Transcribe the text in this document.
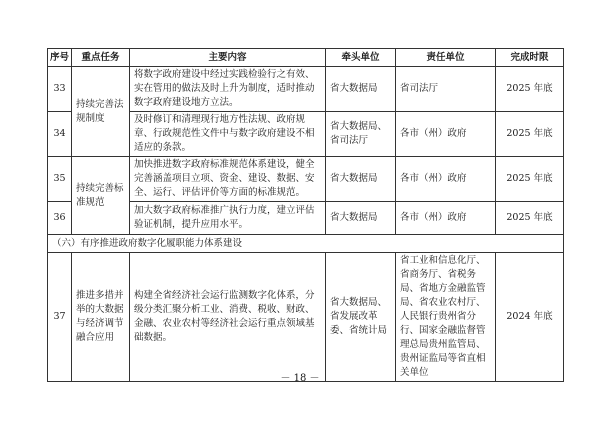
序号	重点任务	主要内容	牵头单位	责任单位	完成时限
33	持续完善法规制度	将数字政府建设中经过实践检验行之有效、实在管用的做法及时上升为制度，适时推动数字政府建设地方立法。	省大数据局	省司法厅	2025 年底
34		及时修订和清理现行地方性法规、政府规章、行政规范性文件中与数字政府建设不相适应的条款。	省大数据局、省司法厅	各市（州）政府	2025 年底
35	持续完善标准规范	加快推进数字政府标准规范体系建设，健全完善涵盖项目立项、资金、建设、数据、安全、运行、评估评价等方面的标准规范。	省大数据局	各市（州）政府	2025 年底
36		加大数字政府标准推广执行力度，建立评估验证机制，提升应用水平。	省大数据局	各市（州）政府	2025 年底
（六）有序推进政府数字化履职能力体系建设					
37	推进多措并举的大数据与经济调节融合应用	构建全省经济社会运行监测数字化体系，分级分类汇聚分析工业、消费、税收、财政、金融、农业农村等经济社会运行重点领域基础数据。	省大数据局、省发展改革委、省统计局	省工业和信息化厅、省商务厅、省税务局、省地方金融监管局、省农业农村厅、人民银行贵州省分行、国家金融监督管理总局贵州监管局、贵州证监局等省直相关单位	2024 年底
－ 18 －
